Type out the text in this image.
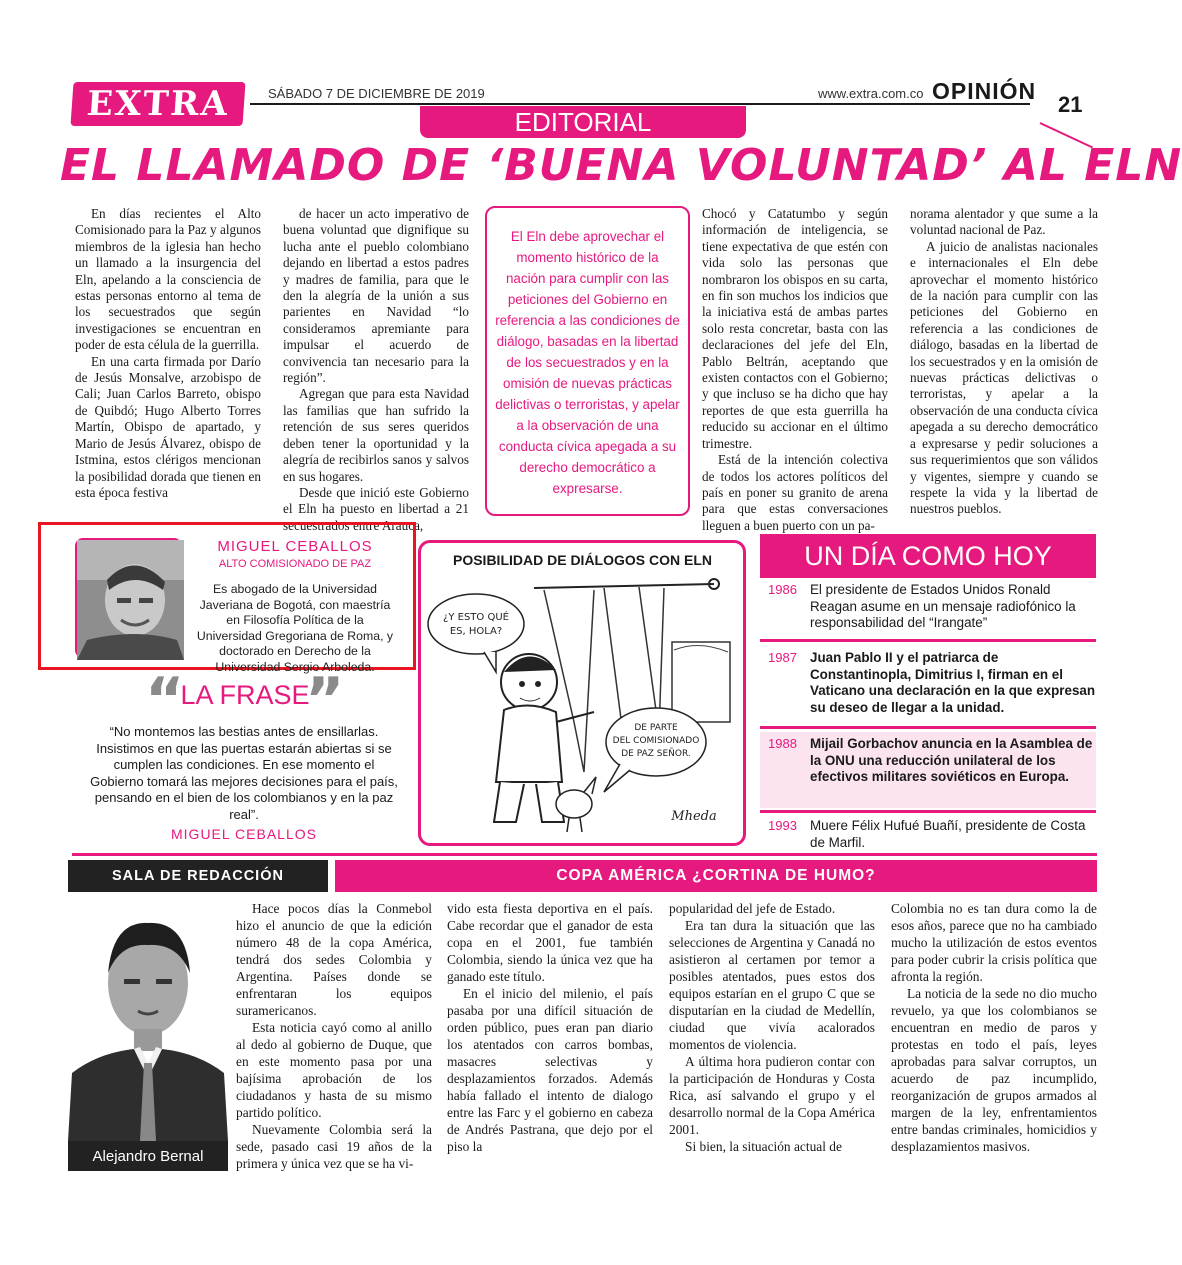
EXTRA	SÁBADO 7 DE DICIEMBRE DE 2019	www.extra.com.co OPINIÓN
21
EDITORIAL
EL LLAMADO DE ‘BUENA VOLUNTAD’ AL ELN

En días recientes el Alto Comisionado para la Paz y algunos miembros de la iglesia han hecho un llamado a la insurgencia del Eln, apelando a la consciencia de estas personas entorno al tema de los secuestrados que según investigaciones se encuentran en poder de esta célula de la guerrilla.

En una carta firmada por Darío de Jesús Monsalve, arzobispo de Cali; Juan Carlos Barreto, obispo de Quibdó; Hugo Alberto Torres Martín, Obispo de apartado, y Mario de Jesús Álvarez, obispo de Istmina, estos clérigos mencionan la posibilidad dorada que tienen en esta época festiva

de hacer un acto imperativo de buena voluntad que dignifique su lucha ante el pueblo colombiano dejando en libertad a estos padres y madres de familia, para que le den la alegría de la unión a sus parientes en Navidad “lo consideramos apremiante para impulsar el acuerdo de convivencia tan necesario para la región”.

Agregan que para esta Navidad las familias que han sufrido la retención de sus seres queridos deben tener la oportunidad y la alegría de recibirlos sanos y salvos en sus hogares.

Desde que inició este Gobierno el Eln ha puesto en libertad a 21 secuestrados entre Arauca,

El Eln debe aprovechar el momento histórico de la nación para cumplir con las peticiones del Gobierno en referencia a las condiciones de diálogo, basadas en la libertad de los secuestrados y en la omisión de nuevas prácticas delictivas o terroristas, y apelar a la observación de una conducta cívica apegada a su derecho democrático a expresarse.

Chocó y Catatumbo y según información de inteligencia, se tiene expectativa de que estén con vida solo las personas que nombraron los obispos en su carta, en fin son muchos los indicios que la iniciativa está de ambas partes solo resta concretar, basta con las declaraciones del jefe del Eln, Pablo Beltrán, aceptando que existen contactos con el Gobierno; y que incluso se ha dicho que hay reportes de que esta guerrilla ha reducido su accionar en el último trimestre.

Está de la intención colectiva de todos los actores políticos del país en poner su granito de arena para que estas conversaciones lleguen a buen puerto con un pa-

norama alentador y que sume a la voluntad nacional de Paz.

A juicio de analistas nacionales e internacionales el Eln debe aprovechar el momento histórico de la nación para cumplir con las peticiones del Gobierno en referencia a las condiciones de diálogo, basadas en la libertad de los secuestrados y en la omisión de nuevas prácticas delictivas o terroristas, y apelar a la observación de una conducta cívica apegada a su derecho democrático a expresarse y pedir soluciones a sus requerimientos que son válidos y vigentes, siempre y cuando se respete la vida y la libertad de nuestros pueblos.

MIGUEL CEBALLOS
ALTO COMISIONADO DE PAZ
Es abogado de la Universidad Javeriana de Bogotá, con maestría en Filosofía Política de la Universidad Gregoriana de Roma, y doctorado en Derecho de la Universidad Sergio Arboleda.
“
LA FRASE
”
“No montemos las bestias antes de ensillarlas. Insistimos en que las puertas estarán abiertas si se cumplen las condiciones. En ese momento el Gobierno tomará las mejores decisiones para el país, pensando en el bien de los colombianos y en la paz real”.
MIGUEL CEBALLOS
POSIBILIDAD DE DIÁLOGOS CON ELN
¿Y ESTO QUÉ
ES, HOLA?
DE PARTE
DEL COMISIONADO
DE PAZ SEÑOR.
Mheda
UN DÍA COMO HOY
1986 El presidente de Estados Unidos Ronald Reagan asume en un mensaje radiofónico la responsabilidad del “Irangate”
1987 Juan Pablo II y el patriarca de Constantinopla, Dimitrius I, firman en el Vaticano una declaración en la que expresan su deseo de llegar a la unidad.
1988 Mijail Gorbachov anuncia en la Asamblea de la ONU una reducción unilateral de los efectivos militares soviéticos en Europa.
1993 Muere Félix Hufué Buañí, presidente de Costa de Marfil.
SALA DE REDACCIÓN	COPA AMÉRICA ¿CORTINA DE HUMO?
Alejandro Bernal

Hace pocos días la Conmebol hizo el anuncio de que la edición número 48 de la copa América, tendrá dos sedes Colombia y Argentina. Países donde se enfrentaran los equipos suramericanos.

Esta noticia cayó como al anillo al dedo al gobierno de Duque, que en este momento pasa por una bajísima aprobación de los ciudadanos y hasta de su mismo partido político.

Nuevamente Colombia será la sede, pasado casi 19 años de la primera y única vez que se ha vi-

vido esta fiesta deportiva en el país. Cabe recordar que el ganador de esta copa en el 2001, fue también Colombia, siendo la única vez que ha ganado este título.

En el inicio del milenio, el país pasaba por una difícil situación de orden público, pues eran pan diario los atentados con carros bombas, masacres selectivas y desplazamientos forzados. Además había fallado el intento de dialogo entre las Farc y el gobierno en cabeza de Andrés Pastrana, que dejo por el piso la

popularidad del jefe de Estado.

Era tan dura la situación que las selecciones de Argentina y Canadá no asistieron al certamen por temor a posibles atentados, pues estos dos equipos estarían en el grupo C que se disputarían en la ciudad de Medellín, ciudad que vivía acalorados momentos de violencia.

A última hora pudieron contar con la participación de Honduras y Costa Rica, así salvando el grupo y el desarrollo normal de la Copa América 2001.

Si bien, la situación actual de

Colombia no es tan dura como la de esos años, parece que no ha cambiado mucho la utilización de estos eventos para poder cubrir la crisis política que afronta la región.

La noticia de la sede no dio mucho revuelo, ya que los colombianos se encuentran en medio de paros y protestas en todo el país, leyes aprobadas para salvar corruptos, un acuerdo de paz incumplido, reorganización de grupos armados al margen de la ley, enfrentamientos entre bandas criminales, homicidios y desplazamientos masivos.
